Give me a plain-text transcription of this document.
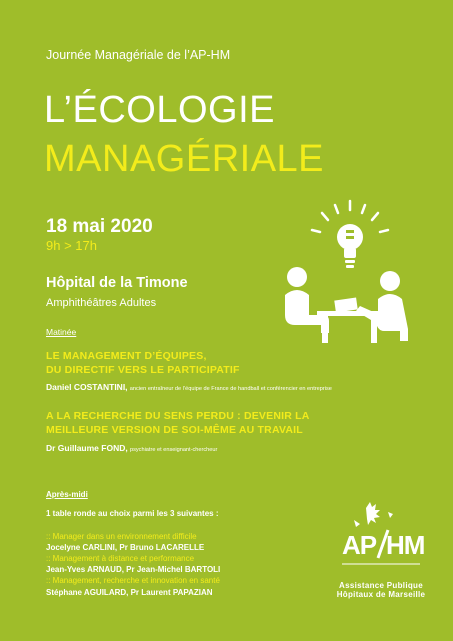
Journée Managériale de l’AP-HM
L’ÉCOLOGIE
MANAGÉRIALE
18 mai 2020
9h > 17h
Hôpital de la Timone
Amphithéâtres Adultes
Matinée
LE MANAGEMENT D’ÉQUIPES,
DU DIRECTIF VERS LE PARTICIPATIF
Daniel COSTANTINI, ancien entraîneur de l’équipe de France de handball et conférencier en entreprise
A LA RECHERCHE DU SENS PERDU : DEVENIR LA
MEILLEURE VERSION DE SOI-MÊME AU TRAVAIL
Dr Guillaume FOND, psychiatre et enseignant-chercheur
Après-midi
1 table ronde au choix parmi les 3 suivantes :
:: Manager dans un environnement difficile
Jocelyne CARLINI, Pr Bruno LACARELLE
:: Management à distance et performance
Jean-Yves ARNAUD, Pr Jean-Michel BARTOLI
:: Management, recherche et innovation en santé
Stéphane AGUILARD, Pr Laurent PAPAZIAN
AP HM
Assistance Publique
Hôpitaux de Marseille
